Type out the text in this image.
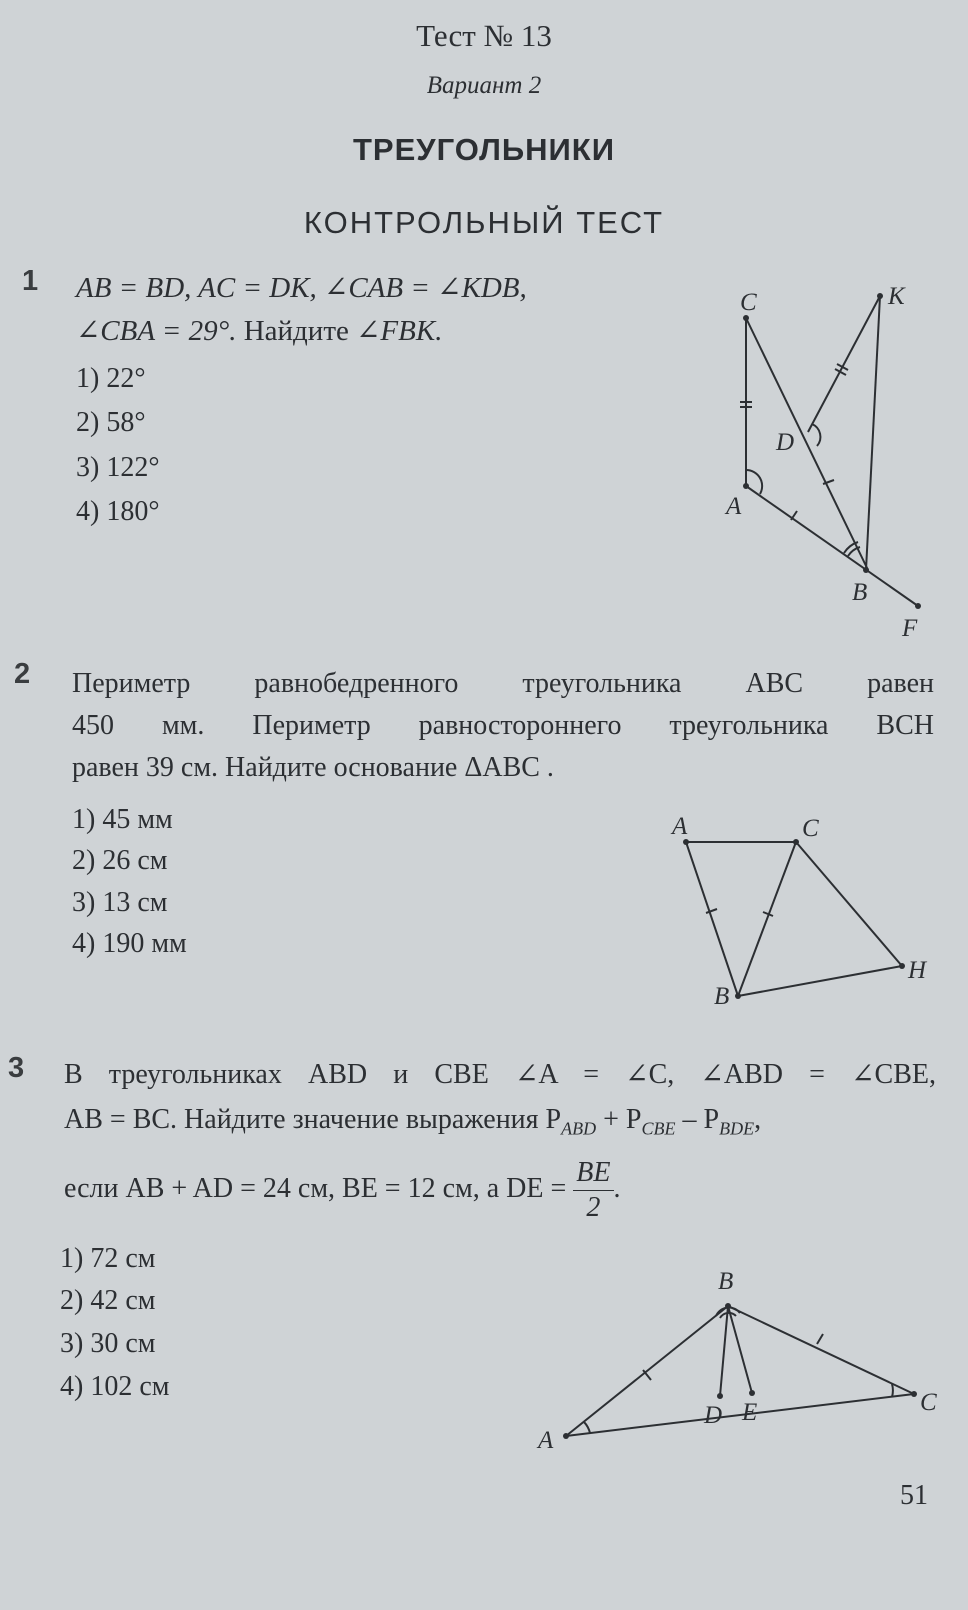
Тест № 13
Вариант 2
ТРЕУГОЛЬНИКИ
КОНТРОЛЬНЫЙ ТЕСТ
1 AB = BD, AC = DK, ∠CAB = ∠KDB,
∠CBA = 29°. Найдите ∠FBK.
1) 22°
2) 58°
3) 122°
4) 180°
C	K
D
A
B
F
A	C
H
B
B
D E	C
A
2 Периметр равнобедренного треугольника ABC равен
450 мм. Периметр равностороннего треугольника BCH
равен 39 см. Найдите основание ΔABC .
1) 45 мм
2) 26 см
3) 13 см
4) 190 мм
3 В треугольниках ABD и CBE ∠A = ∠C, ∠ABD = ∠CBE,
AB = BC. Найдите значение выражения $P_{ABD} + P_{CBE} - P_{BDE}$,
если AB + AD = 24 см, BE = 12 см, а DE = $\frac{BE}{2}$ .
1) 72 см
2) 42 см
3) 30 см
4) 102 см
51
